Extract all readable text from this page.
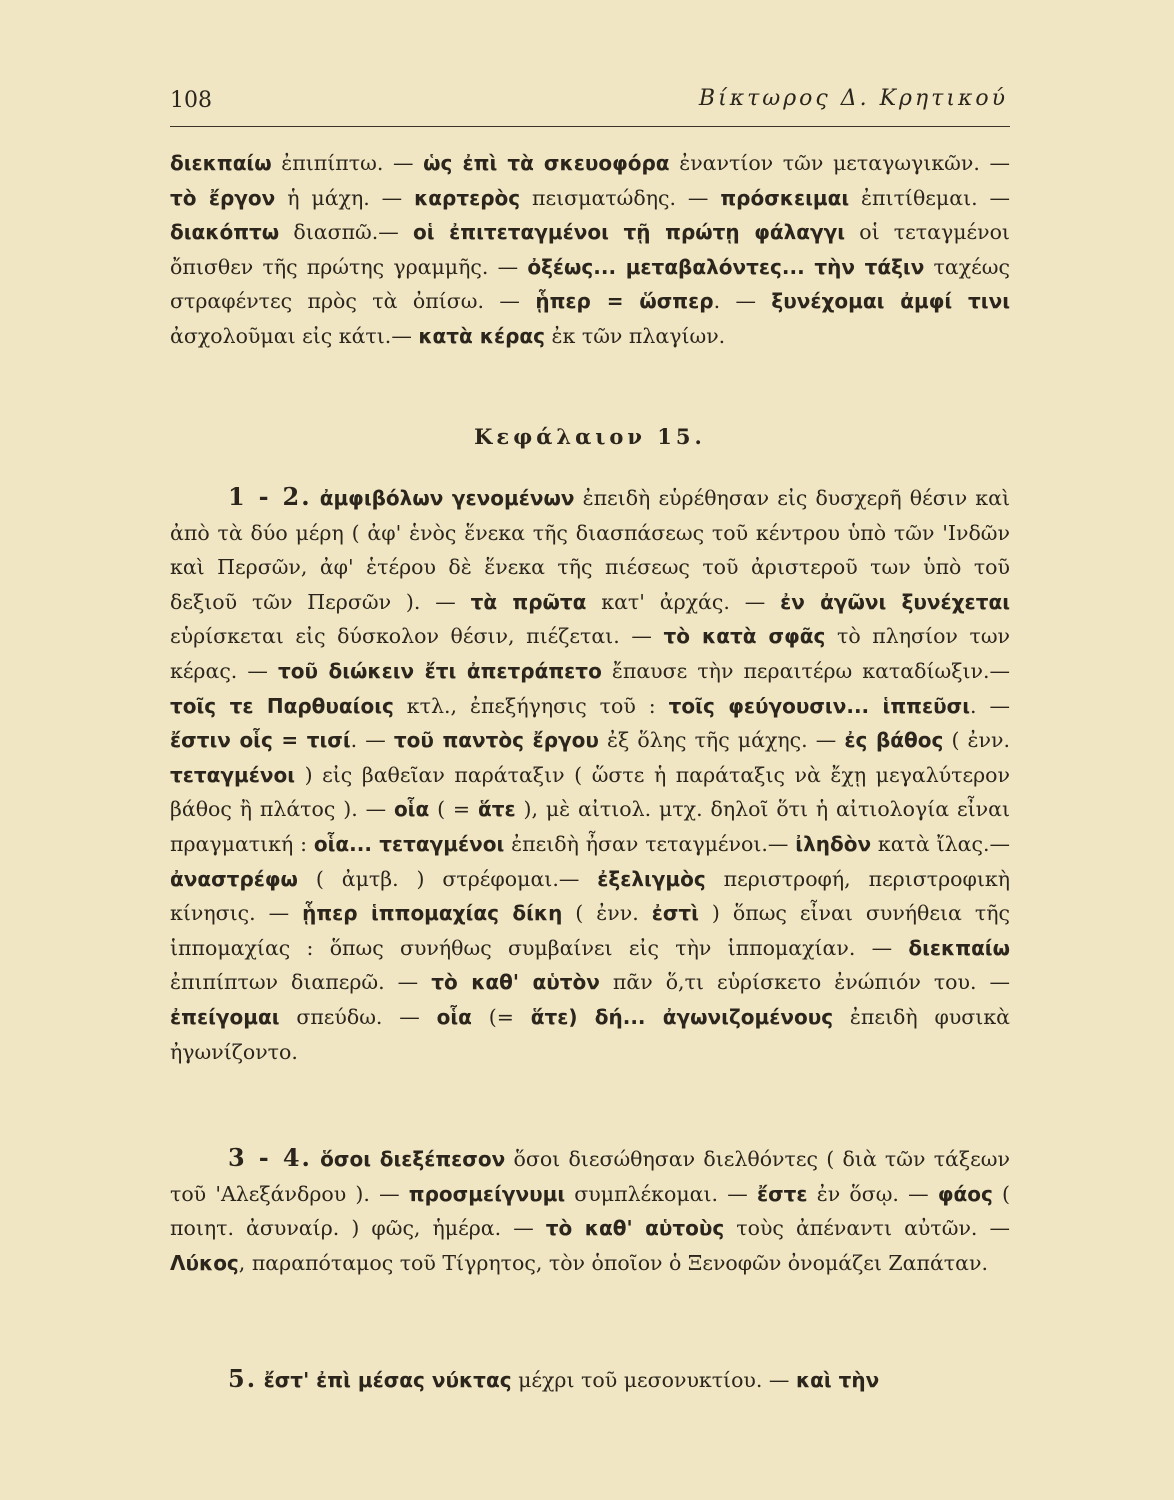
108	Βίκτωρος Δ. Κρητικού

διεκπαίω ἐπιπίπτω. — ὡς ἐπὶ τὰ σκευοφόρα ἐναντίον τῶν μεταγωγικῶν. — τὸ ἔργον ἡ μάχη. — καρτερὸς πεισματώδης. — πρόσκειμαι ἐπιτίθεμαι. — διακόπτω διασπῶ.— οἱ ἐπιτεταγμένοι τῇ πρώτῃ φάλαγγι οἱ τεταγμένοι ὄπισθεν τῆς πρώτης γραμμῆς. — ὀξέως... μεταβαλόντες... τὴν τάξιν ταχέως στραφέντες πρὸς τὰ ὀπίσω. — ᾗπερ = ὥσπερ. — ξυνέχομαι ἀμφί τινι ἀσχολοῦμαι εἰς κάτι.— κατὰ κέρας ἐκ τῶν πλαγίων.

Κεφάλαιον 15.

1 - 2. ἀμφιβόλων γενομένων ἐπειδὴ εὑρέθησαν εἰς δυσχερῆ θέσιν καὶ ἀπὸ τὰ δύο μέρη ( ἀφ' ἑνὸς ἕνεκα τῆς διασπάσεως τοῦ κέντρου ὑπὸ τῶν 'Ινδῶν καὶ Περσῶν, ἀφ' ἑτέρου δὲ ἕνεκα τῆς πιέσεως τοῦ ἀριστεροῦ των ὑπὸ τοῦ δεξιοῦ τῶν Περσῶν ). — τὰ πρῶτα κατ' ἀρχάς. — ἐν ἀγῶνι ξυνέχεται εὑρίσκεται εἰς δύσκολον θέσιν, πιέζεται. — τὸ κατὰ σφᾶς τὸ πλησίον των κέρας. — τοῦ διώκειν ἔτι ἀπετράπετο ἔπαυσε τὴν περαιτέρω καταδίωξιν.— τοῖς τε Παρθυαίοις κτλ., ἐπεξήγησις τοῦ : τοῖς φεύγουσιν... ἱππεῦσι. — ἔστιν οἷς = τισί. — τοῦ παντὸς ἔργου ἐξ ὅλης τῆς μάχης. — ἐς βάθος ( ἐνν. τεταγμένοι ) εἰς βαθεῖαν παράταξιν ( ὥστε ἡ παράταξις νὰ ἔχῃ μεγαλύτερον βάθος ἢ πλάτος ). — οἷα ( = ἅτε ), μὲ αἰτιολ. μτχ. δηλοῖ ὅτι ἡ αἰτιολογία εἶναι πραγματική : οἷα... τεταγμένοι ἐπειδὴ ἦσαν τεταγμένοι.— ἰληδὸν κατὰ ἴλας.— ἀναστρέφω ( ἀμτβ. ) στρέφομαι.— ἐξελιγμὸς περιστροφή, περιστροφικὴ κίνησις. — ᾗπερ ἱππομαχίας δίκη ( ἐνν. ἐστὶ ) ὅπως εἶναι συνήθεια τῆς ἱππομαχίας : ὅπως συνήθως συμβαίνει εἰς τὴν ἱππομαχίαν. — διεκπαίω ἐπιπίπτων διαπερῶ. — τὸ καθ' αὑτὸν πᾶν ὅ,τι εὑρίσκετο ἐνώπιόν του. — ἐπείγομαι σπεύδω. — οἷα (= ἅτε) δή... ἀγωνιζομένους ἐπειδὴ φυσικὰ ἠγωνίζοντο.

3 - 4. ὅσοι διεξέπεσον ὅσοι διεσώθησαν διελθόντες ( διὰ τῶν τάξεων τοῦ 'Αλεξάνδρου ). — προσμείγνυμι συμπλέκομαι. — ἔστε ἐν ὅσῳ. — φάος ( ποιητ. ἀσυναίρ. ) φῶς, ἡμέρα. — τὸ καθ' αὑτοὺς τοὺς ἀπέναντι αὐτῶν. — Λύκος, παραπόταμος τοῦ Τίγρητος, τὸν ὁποῖον ὁ Ξενοφῶν ὀνομάζει Ζαπάταν.

5. ἔστ' ἐπὶ μέσας νύκτας μέχρι τοῦ μεσονυκτίου. — καὶ τὴν
